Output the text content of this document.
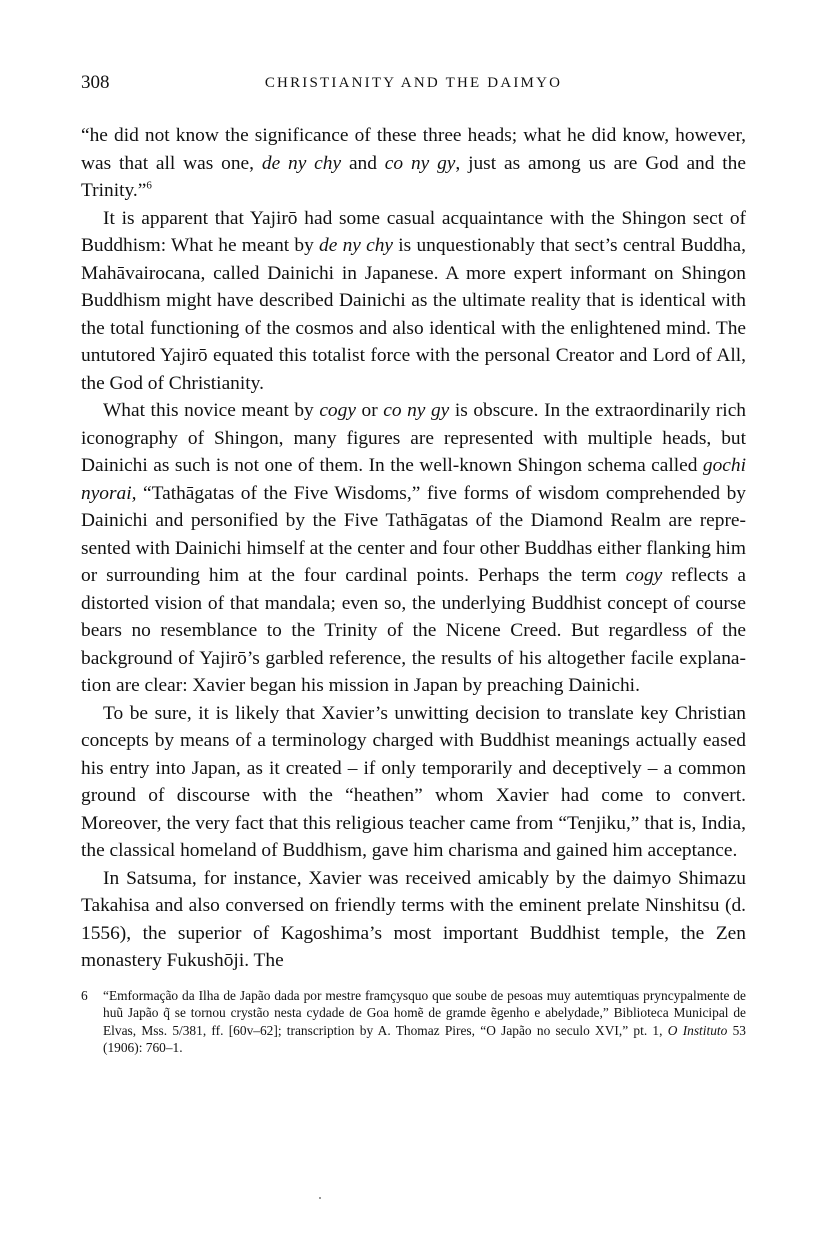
308	CHRISTIANITY AND THE DAIMYO

“he did not know the significance of these three heads; what he did know, however, was that all was one, de ny chy and co ny gy, just as among us are God and the Trinity.”$^6$

It is apparent that Yajirō had some casual acquaintance with the Shingon sect of Buddhism: What he meant by de ny chy is unquestionably that sect’s central Buddha, Mahāvairocana, called Dainichi in Japanese. A more expert informant on Shingon Buddhism might have described Dainichi as the ultimate reality that is identical with the total functioning of the cosmos and also identical with the enlightened mind. The untutored Yajirō equated this totalist force with the personal Creator and Lord of All, the God of Christianity.

What this novice meant by cogy or co ny gy is obscure. In the extraordinarily rich iconography of Shingon, many figures are represented with multiple heads, but Dainichi as such is not one of them. In the well-known Shingon schema called gochi nyorai, “Tathāgatas of the Five Wisdoms,” five forms of wisdom comprehended by Dainichi and personified by the Five Tathāgatas of the Diamond Realm are represented with Dainichi himself at the center and four other Buddhas either flanking him or surrounding him at the four cardinal points. Perhaps the term cogy reflects a distorted vision of that mandala; even so, the underlying Buddhist concept of course bears no resemblance to the Trinity of the Nicene Creed. But regardless of the background of Yajirō’s garbled reference, the results of his altogether facile explanation are clear: Xavier began his mission in Japan by preaching Dainichi.

To be sure, it is likely that Xavier’s unwitting decision to translate key Christian concepts by means of a terminology charged with Buddhist meanings actually eased his entry into Japan, as it created – if only temporarily and deceptively – a common ground of discourse with the “heathen” whom Xavier had come to convert. Moreover, the very fact that this religious teacher came from “Tenjiku,” that is, India, the classical homeland of Buddhism, gave him charisma and gained him acceptance.

In Satsuma, for instance, Xavier was received amicably by the daimyo Shimazu Takahisa and also conversed on friendly terms with the eminent prelate Ninshitsu (d. 1556), the superior of Kagoshima’s most important Buddhist temple, the Zen monastery Fukushōji. The

6 “Emformação da Ilha de Japão dada por mestre framçysquo que soube de pesoas muy autemtiquas pryncypalmente de huũ Japão q̃ se tornou crystão nesta cydade de Goa homẽ de gramde ẽgenho e abelydade,” Biblioteca Municipal de Elvas, Mss. 5/381, ff. [60v–62]; transcription by A. Thomaz Pires, “O Japão no seculo XVI,” pt. 1, O Instituto 53 (1906): 760–1.
